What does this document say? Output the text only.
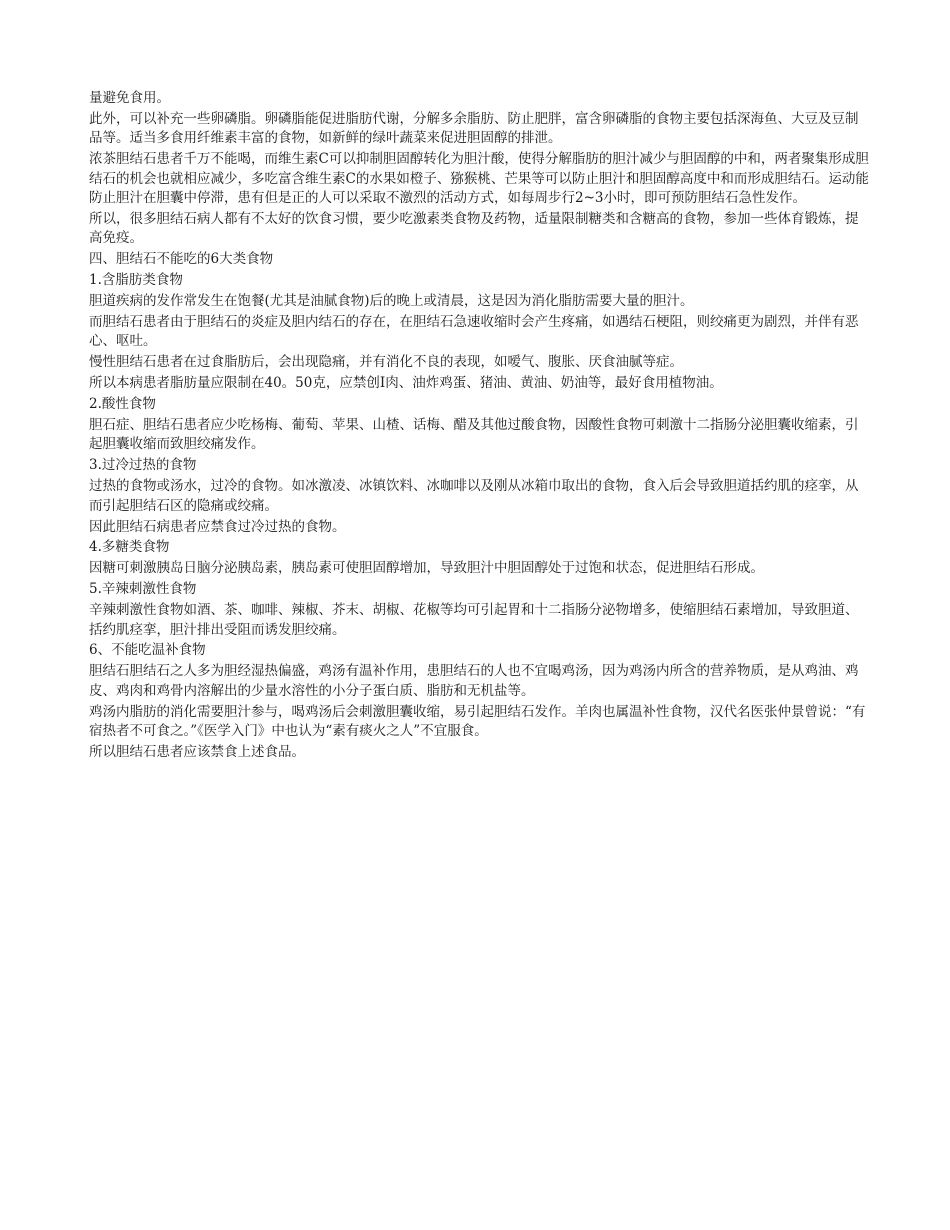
量避免食用。

此外，可以补充一些卵磷脂。卵磷脂能促进脂肪代谢，分解多余脂肪、防止肥胖，富含卵磷脂的食物主要包括深海鱼、大豆及豆制品等。适当多食用纤维素丰富的食物，如新鲜的绿叶蔬菜来促进胆固醇的排泄。

浓茶胆结石患者千万不能喝，而维生素C可以抑制胆固醇转化为胆汁酸，使得分解脂肪的胆汁减少与胆固醇的中和，两者聚集形成胆结石的机会也就相应减少，多吃富含维生素C的水果如橙子、猕猴桃、芒果等可以防止胆汁和胆固醇高度中和而形成胆结石。运动能防止胆汁在胆囊中停滞，患有但是正的人可以采取不激烈的活动方式，如每周步行2~3小时，即可预防胆结石急性发作。

所以，很多胆结石病人都有不太好的饮食习惯，要少吃激素类食物及药物，适量限制糖类和含糖高的食物，参加一些体育锻炼，提高免疫。

四、胆结石不能吃的6大类食物

1.含脂肪类食物

胆道疾病的发作常发生在饱餐(尤其是油腻食物)后的晚上或清晨，这是因为消化脂肪需要大量的胆汁。

而胆结石患者由于胆结石的炎症及胆内结石的存在，在胆结石急速收缩时会产生疼痛，如遇结石梗阻，则绞痛更为剧烈，并伴有恶心、呕吐。

慢性胆结石患者在过食脂肪后，会出现隐痛，并有消化不良的表现，如嗳气、腹胀、厌食油腻等症。

所以本病患者脂肪量应限制在40。50克，应禁创I肉、油炸鸡蛋、猪油、黄油、奶油等，最好食用植物油。

2.酸性食物

胆石症、胆结石患者应少吃杨梅、葡萄、苹果、山楂、话梅、醋及其他过酸食物，因酸性食物可刺激十二指肠分泌胆囊收缩素，引起胆囊收缩而致胆绞痛发作。

3.过冷过热的食物

过热的食物或汤水，过冷的食物。如冰激凌、冰镇饮料、冰咖啡以及刚从冰箱巾取出的食物，食入后会导致胆道括约肌的痉挛，从而引起胆结石区的隐痛或绞痛。

因此胆结石病患者应禁食过冷过热的食物。

4.多糖类食物

因糖可刺激胰岛日脑分泌胰岛素，胰岛素可使胆固醇增加，导致胆汁中胆固醇处于过饱和状态，促进胆结石形成。

5.辛辣刺激性食物

辛辣刺激性食物如酒、茶、咖啡、辣椒、芥末、胡椒、花椒等均可引起胃和十二指肠分泌物增多，使缩胆结石素增加，导致胆道、括约肌痉挛，胆汁排出受阻而诱发胆绞痛。

6、不能吃温补食物

胆结石胆结石之人多为胆经湿热偏盛，鸡汤有温补作用，患胆结石的人也不宜喝鸡汤，因为鸡汤内所含的营养物质，是从鸡油、鸡皮、鸡肉和鸡骨内溶解出的少量水溶性的小分子蛋白质、脂肪和无机盐等。

鸡汤内脂肪的消化需要胆汁参与，喝鸡汤后会刺激胆囊收缩，易引起胆结石发作。羊肉也属温补性食物，汉代名医张仲景曾说：“有宿热者不可食之。”《医学入门》中也认为“素有痰火之人”不宜服食。

所以胆结石患者应该禁食上述食品。
